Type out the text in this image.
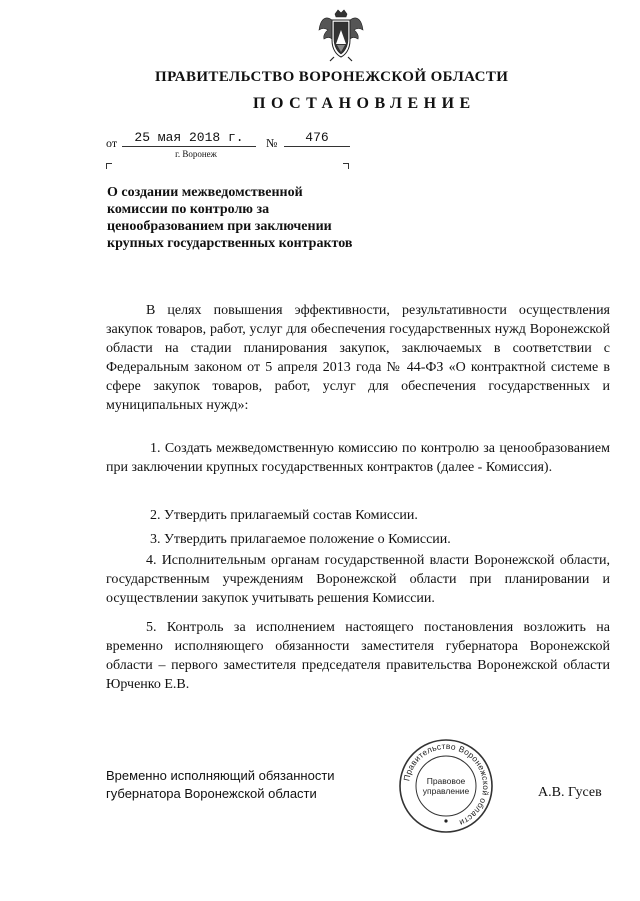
ПРАВИТЕЛЬСТВО ВОРОНЕЖСКОЙ ОБЛАСТИ
ПОСТАНОВЛЕНИЕ
от	25 мая 2018 г.	№	476
г. Воронеж
О создании межведомственной комиссии по контролю за ценообразованием при заключении крупных государственных контрактов
В целях повышения эффективности, результативности осуществления закупок товаров, работ, услуг для обеспечения государственных нужд Воронежской области на стадии планирования закупок, заключаемых в соответствии с Федеральным законом от 5 апреля 2013 года № 44-ФЗ «О контрактной системе в сфере закупок товаров, работ, услуг для обеспечения государственных и муниципальных нужд»:
1. Создать межведомственную комиссию по контролю за ценообразованием при заключении крупных государственных контрактов (далее - Комиссия).
2. Утвердить прилагаемый состав Комиссии.
3. Утвердить прилагаемое положение о Комиссии.
4. Исполнительным органам государственной власти Воронежской области, государственным учреждениям Воронежской области при планировании и осуществлении закупок учитывать решения Комиссии.
5. Контроль за исполнением настоящего постановления возложить на временно исполняющего обязанности заместителя губернатора Воронежской области – первого заместителя председателя правительства Воронежской области Юрченко Е.В.
Временно исполняющий обязанности
губернатора Воронежской области
Правительство Воронежской области
Правовое
управление	А.В. Гусев
